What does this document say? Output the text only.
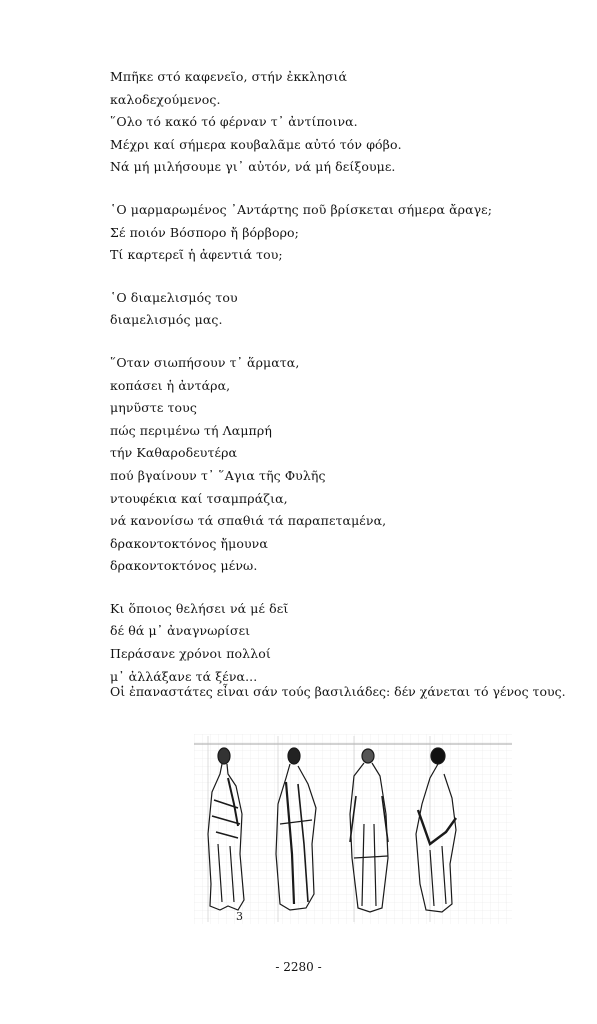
Μπῆκε στό καφενεῖο, στήν ἐκκλησιά
καλοδεχούμενος.
῞Ολο τό κακό τό φέρναν τ᾽ ἀντίποινα.
Μέχρι καί σήμερα κουβαλᾶμε αὐτό τόν φόβο.
Νά μή μιλήσουμε γι᾽ αὐτόν, νά μή δείξουμε.
῾Ο μαρμαρωμένος ᾿Αντάρτης ποῦ βρίσκεται σήμερα ἄραγε;
Σέ ποιόν Βόσπορο ἤ βόρβορο;
Τί καρτερεῖ ἡ ἀφεντιά του;
῾Ο διαμελισμός του
διαμελισμός μας.
῞Οταν σιωπήσουν τ᾽ ἅρματα,
κοπάσει ἡ ἀντάρα,
μηνῦστε τους
πώς περιμένω τή Λαμπρή
τήν Καθαροδευτέρα
πού βγαίνουν τ᾽ ῞Αγια τῆς Φυλῆς
ντουφέκια καί τσαμπράζια,
νά κανονίσω τά σπαθιά τά παραπεταμένα,
δρακοντοκτόνος ἤμουνα
δρακοντοκτόνος μένω.
Κι ὅποιος θελήσει νά μέ δεῖ
δέ θά μ᾽ ἀναγνωρίσει
Περάσανε χρόνοι πολλοί
μ᾽ ἀλλάξανε τά ξένα...
Οἱ ἐπαναστάτες εἶναι σάν τούς βασιλιάδες: δέν χάνεται τό γένος τους.
3
- 2280 -
